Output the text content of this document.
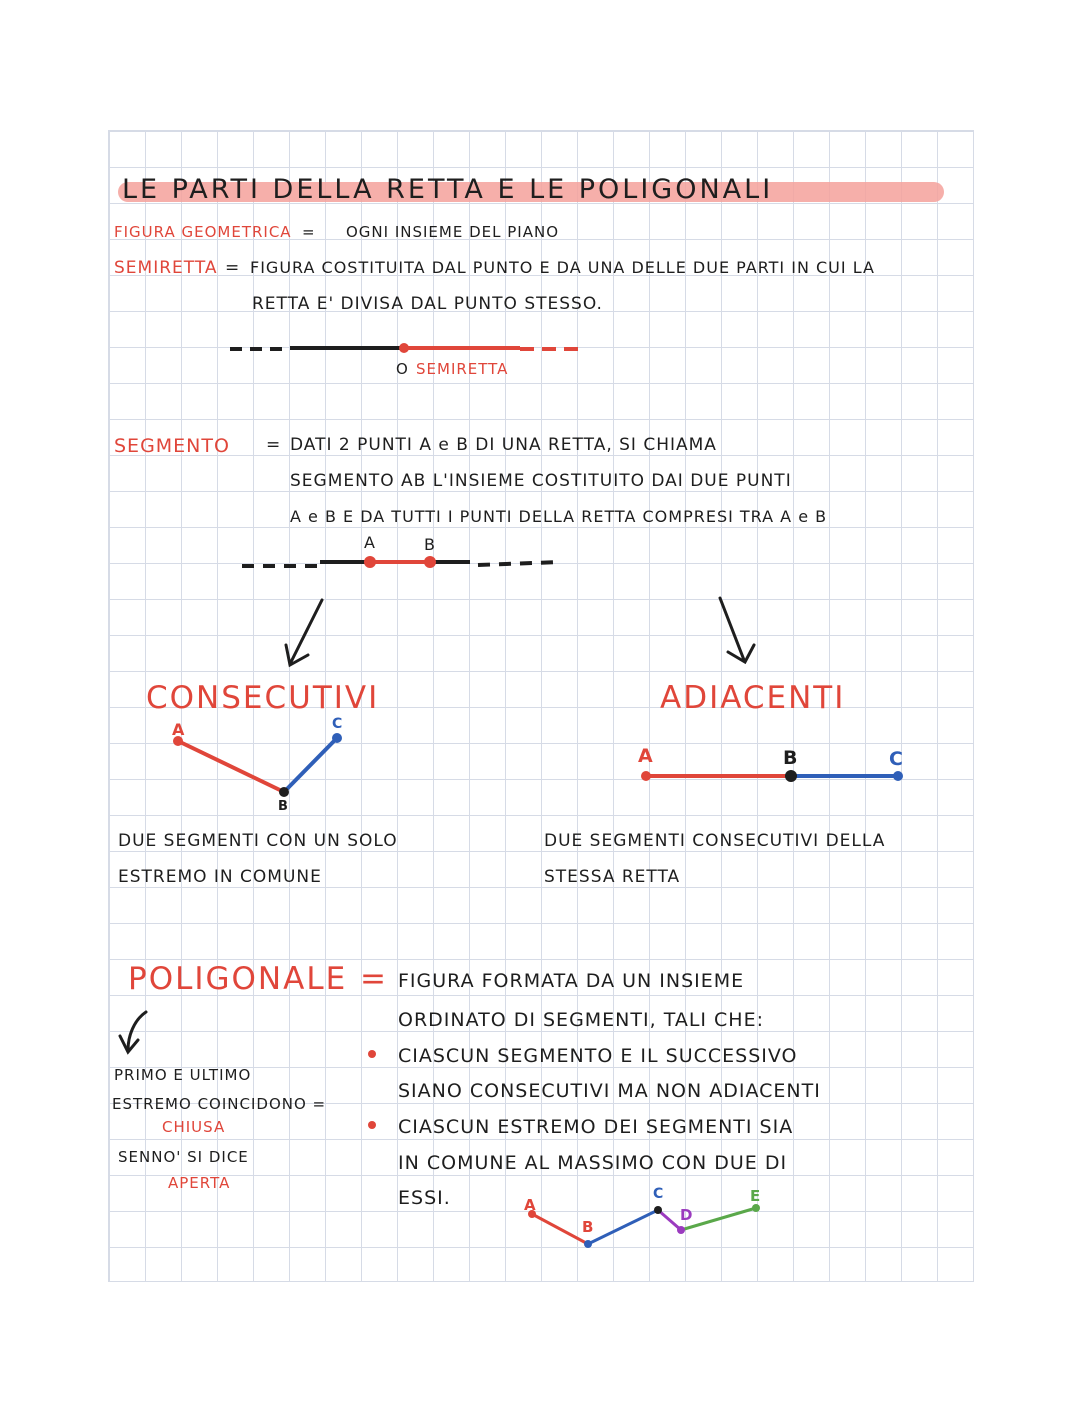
LE PARTI DELLA RETTA E LE POLIGONALI

FIGURA GEOMETRICA = OGNI INSIEME DEL PIANO

SEMIRETTA = FIGURA COSTITUITA DAL PUNTO E DA UNA DELLE DUE PARTI IN CUI LA

RETTA E' DIVISA DAL PUNTO STESSO.

SEGMENTO = DATI 2 PUNTI A e B DI UNA RETTA, SI CHIAMA

SEGMENTO AB L'INSIEME COSTITUITO DAI DUE PUNTI

A e B E DA TUTTI I PUNTI DELLA RETTA COMPRESI TRA A e B

CONSECUTIVI	ADIACENTI

DUE SEGMENTI CON UN SOLO

ESTREMO IN COMUNE

DUE SEGMENTI CONSECUTIVI DELLA

STESSA RETTA

POLIGONALE = FIGURA FORMATA DA UN INSIEME

ORDINATO DI SEGMENTI, TALI CHE:

CIASCUN SEGMENTO E IL SUCCESSIVO

SIANO CONSECUTIVI MA NON ADIACENTI

CIASCUN ESTREMO DEI SEGMENTI SIA

IN COMUNE AL MASSIMO CON DUE DI

ESSI.

PRIMO E ULTIMO

ESTREMO COINCIDONO =

CHIUSA

SENNO' SI DICE

APERTA

O SEMIRETTA
A	B
A
B
C
A	B	C
A
B
C
D
E
